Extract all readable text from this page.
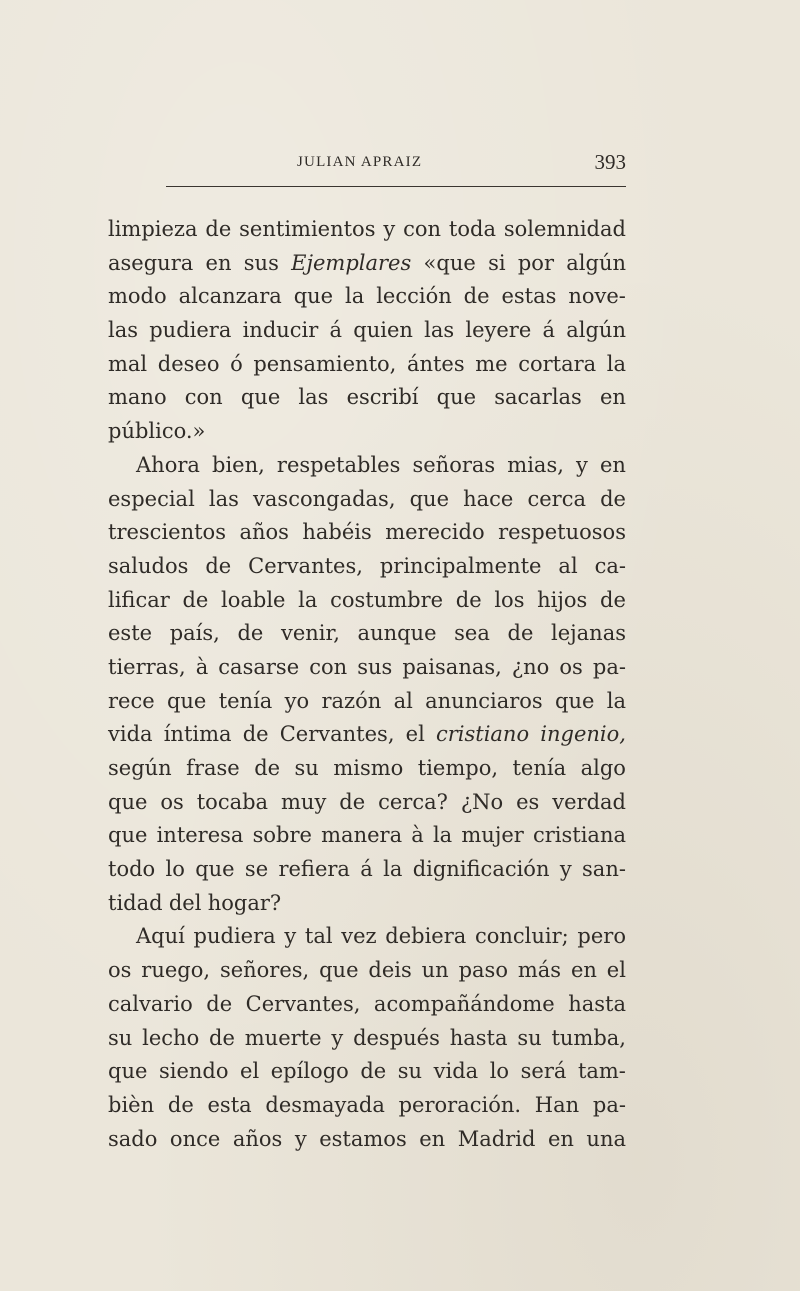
JULIAN APRAIZ	393
limpieza de sentimientos y con toda solemnidad
asegura en sus Ejemplares «que si por algún
modo alcanzara que la lección de estas nove-
las pudiera inducir á quien las leyere á algún
mal deseo ó pensamiento, ántes me cortara la
mano con que las escribí que sacarlas en
público.»
Ahora bien, respetables señoras mias, y en
especial las vascongadas, que hace cerca de
trescientos años habéis merecido respetuosos
saludos de Cervantes, principalmente al ca-
lificar de loable la costumbre de los hijos de
este país, de venir, aunque sea de lejanas
tierras, à casarse con sus paisanas, ¿no os pa-
rece que tenía yo razón al anunciaros que la
vida íntima de Cervantes, el cristiano ingenio,
según frase de su mismo tiempo, tenía algo
que os tocaba muy de cerca? ¿No es verdad
que interesa sobre manera à la mujer cristiana
todo lo que se refiera á la dignificación y san-
tidad del hogar?
Aquí pudiera y tal vez debiera concluir; pero
os ruego, señores, que deis un paso más en el
calvario de Cervantes, acompañándome hasta
su lecho de muerte y después hasta su tumba,
que siendo el epílogo de su vida lo será tam-
bièn de esta desmayada peroración. Han pa-
sado once años y estamos en Madrid en una
